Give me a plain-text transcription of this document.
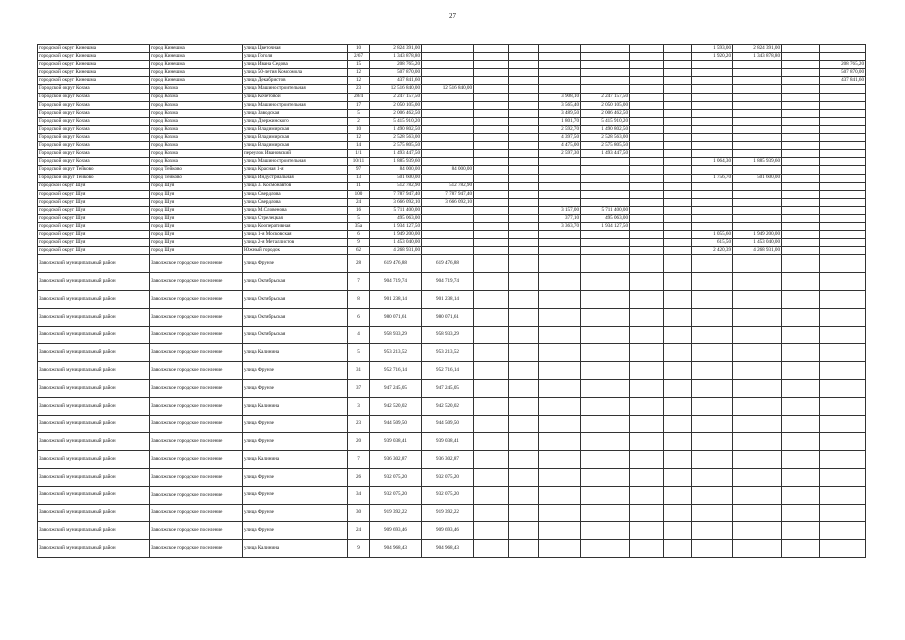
27
городской округ Кинешма	город Кинешма	улица Цветочная	10	2 824 391,00								1 593,00	2 824 391,00		
городской округ Кинешма	город Кинешма	улица Гоголя	2/67	1 343 878,80								1 920,20	1 343 878,80		
городской округ Кинешма	город Кинешма	улица Ивана Седова	15	208 765,20											208 765,20
городской округ Кинешма	город Кинешма	улица 50-летия Комсомола	12	507 870,00											507 870,00
городской округ Кинешма	город Кинешма	улица Декабристов	12	437 841,60											437 841,60
Городской округ Кохма	город Кохма	улица Машиностроительная	23	12 516 840,00	12 516 840,00										
Городской округ Кохма	город Кохма	улица Кочетовой	28/4	2 247 157,50				3 908,10	2 247 157,50						
Городской округ Кохма	город Кохма	улица Машиностроительная	17	2 050 105,00				3 565,40	2 050 105,00						
Городской округ Кохма	город Кохма	улица Заводская	5	2 006 462,50				3 489,50	2 006 462,50						
Городской округ Кохма	город Кохма	улица Дзержинского	2	5 415 910,20				1 801,70	5 415 910,20						
Городской округ Кохма	город Кохма	улица Владимирская	10	1 490 802,50				2 592,70	1 490 802,50						
Городской округ Кохма	город Кохма	улица Владимирская	12	2 528 563,00				4 397,50	2 528 563,00						
Городской округ Кохма	город Кохма	улица Владимирская	14	2 575 805,50				4 475,00	2 575 805,50						
Городской округ Кохма	город Кохма	переулок Ивановский	1/1	1 493 447,50				2 597,30	1 493 447,50						
Городской округ Кохма	город Кохма	улица Машиностроительная	10/11	1 885 939,60								1 064,30	1 885 939,60		
Городской округ Тейково	город Тейково	улица Красная 1-я	97	84 000,00	84 000,00										
Городской округ Тейково	город Тейково	улица Индустриальная	13	501 600,00								1 756,70	501 600,00		
городской округ Шуя	город Шуя	улица 3. Космонавтов	11	512 782,90	512 782,90										
городской округ Шуя	город Шуя	улица Свердлова	100	7 787 947,40	7 787 947,40										
городской округ Шуя	город Шуя	улица Свердлова	24	3 666 092,10	3 666 092,10										
городской округ Шуя	город Шуя	улица М.Словенова	16	5 711 400,00				3 157,00	5 711 400,00						
городской округ Шуя	город Шуя	улица Стрелецкая	5	495 063,00				377,10	495 063,00						
городской округ Шуя	город Шуя	улица Кооперативная	35а	1 934 127,50				3 363,70	1 934 127,50						
городской округ Шуя	город Шуя	улица 1-я Московская	6	1 949 200,00								1 055,60	1 949 200,00		
городской округ Шуя	город Шуя	улица 2-я Металлистов	9	1 453 040,00								615,50	1 453 040,00		
городской округ Шуя	город Шуя	Южный городок	62	4 268 931,00								2 420,39	4 268 931,00		
Заволжский муниципальный район	Заволжское городское поселение	улица Фрунзе	28	619 476,88	619 476,88										
Заволжский муниципальный район	Заволжское городское поселение	улица Октябрьская	7	904 719,74	904 719,74										
Заволжский муниципальный район	Заволжское городское поселение	улица Октябрьская	8	901 238,14	901 238,14										
Заволжский муниципальный район	Заволжское городское поселение	улица Октябрьская	6	980 071,61	980 071,61										
Заволжский муниципальный район	Заволжское городское поселение	улица Октябрьская	4	958 933,29	958 933,29										
Заволжский муниципальный район	Заволжское городское поселение	улица Калинина	5	953 213,52	953 213,52										
Заволжский муниципальный район	Заволжское городское поселение	улица Фрунзе	31	952 716,14	952 716,14										
Заволжский муниципальный район	Заволжское городское поселение	улица Фрунзе	37	947 245,05	947 245,05										
Заволжский муниципальный район	Заволжское городское поселение	улица Калинина	3	942 520,02	942 520,02										
Заволжский муниципальный район	Заволжское городское поселение	улица Фрунзе	23	944 509,50	944 509,50										
Заволжский муниципальный район	Заволжское городское поселение	улица Фрунзе	20	939 038,41	939 038,41										
Заволжский муниципальный район	Заволжское городское поселение	улица Калинина	7	936 302,87	936 302,87										
Заволжский муниципальный район	Заволжское городское поселение	улица Фрунзе	26	932 075,20	932 075,20										
Заволжский муниципальный район	Заволжское городское поселение	улица Фрунзе	34	932 075,20	932 075,20										
Заволжский муниципальный район	Заволжское городское поселение	улица Фрунзе	30	919 392,22	919 392,22										
Заволжский муниципальный район	Заволжское городское поселение	улица Фрунзе	24	909 693,46	909 693,46										
Заволжский муниципальный район	Заволжское городское поселение	улица Калинина	9	904 968,43	904 968,43										
